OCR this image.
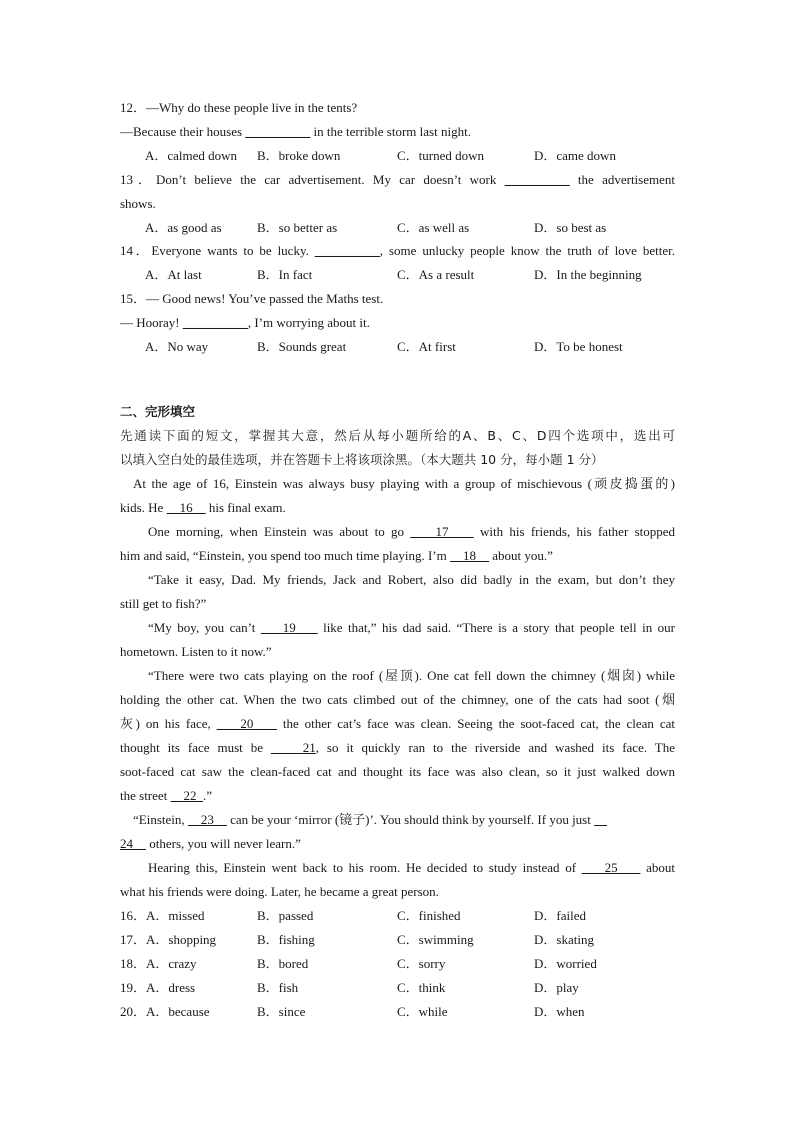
12．—Why do these people live in the tents?
—Because their houses __________ in the terrible storm last night.
A．calmed down B．broke down	C．turned down	D．came down
13．Don’t believe the car advertisement. My car doesn’t work __________ the advertisement
shows.
A．as good as	B．so better as	C．as well as	D．so best as
14．Everyone wants to be lucky. __________, some unlucky people know the truth of love better.
A．At last	B．In fact	C．As a result	D．In the beginning
15．— Good news! You’ve passed the Maths test.
— Hooray! __________, I’m worrying about it.
A．No way	B．Sounds great	C．At first	D．To be honest
二、完形填空
先通读下面的短文，掌握其大意，然后从每小题所给的A、B、C、D四个选项中，选出可
以填入空白处的最佳选项，并在答题卡上将该项涂黑。（本大题共 10 分，每小题 1 分）
At the age of 16, Einstein was always busy playing with a group of mischievous (顽皮捣蛋的)
kids. He     16     his final exam.
One morning, when Einstein was about to go     17     with his friends, his father stopped
him and said, “Einstein, you spend too much time playing. I’m     18     about you.”
“Take it easy, Dad. My friends, Jack and Robert, also did badly in the exam, but don’t they
still get to fish?”
“My boy, you can’t     19     like that,” his dad said. “There is a story that people tell in our
hometown. Listen to it now.”
“There were two cats playing on the roof (屋顶). One cat fell down the chimney (烟囱) while
holding the other cat. When the two cats climbed out of the chimney, one of the cats had soot (烟
灰) on his face,     20     the other cat’s face was clean. Seeing the soot-faced cat, the clean cat
thought its face must be     21, so it quickly ran to the riverside and washed its face. The
soot-faced cat saw the clean-faced cat and thought its face was also clean, so it just walked down
the street     22 .”
“Einstein,     23     can be your ‘mirror (镜子)’. You should think by yourself. If you just
24     others, you will never learn.”
Hearing this, Einstein went back to his room. He decided to study instead of     25     about
what his friends were doing. Later, he became a great person.
16． A．missed	B．passed	C．finished	D．failed
17． A．shopping	B．fishing	C．swimming	D．skating
18． A．crazy	B．bored	C．sorry	D．worried
19． A．dress	B．fish	C．think	D．play
20． A．because	B．since	C．while	D．when
